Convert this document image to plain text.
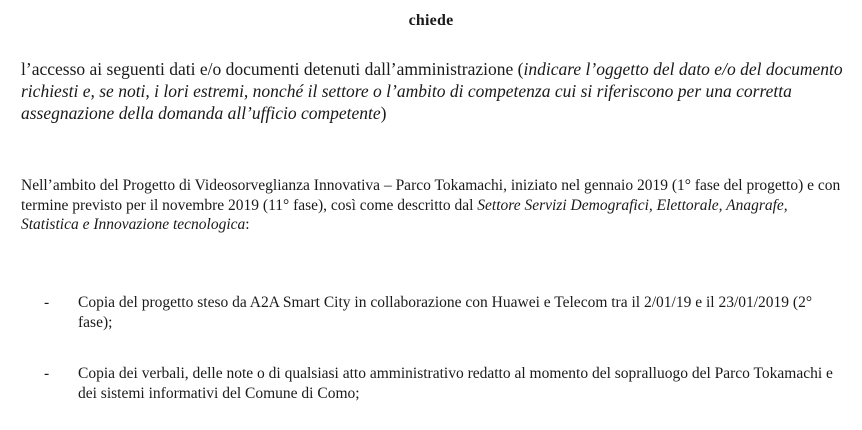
chiede

l’accesso ai seguenti dati e/o documenti detenuti dall’amministrazione (indicare l’oggetto del dato e/o del documento richiesti e, se noti, i lori estremi, nonché il settore o l’ambito di competenza cui si riferiscono per una corretta assegnazione della domanda all’ufficio competente)

Nell’ambito del Progetto di Videosorveglianza Innovativa – Parco Tokamachi, iniziato nel gennaio 2019 (1° fase del progetto) e con termine previsto per il novembre 2019 (11° fase), così come descritto dal Settore Servizi Demografici, Elettorale, Anagrafe, Statistica e Innovazione tecnologica:

- Copia del progetto steso da A2A Smart City in collaborazione con Huawei e Telecom tra il 2/01/19 e il 23/01/2019 (2° fase);
- Copia dei verbali, delle note o di qualsiasi atto amministrativo redatto al momento del sopralluogo del Parco Tokamachi e dei sistemi informativi del Comune di Como;
